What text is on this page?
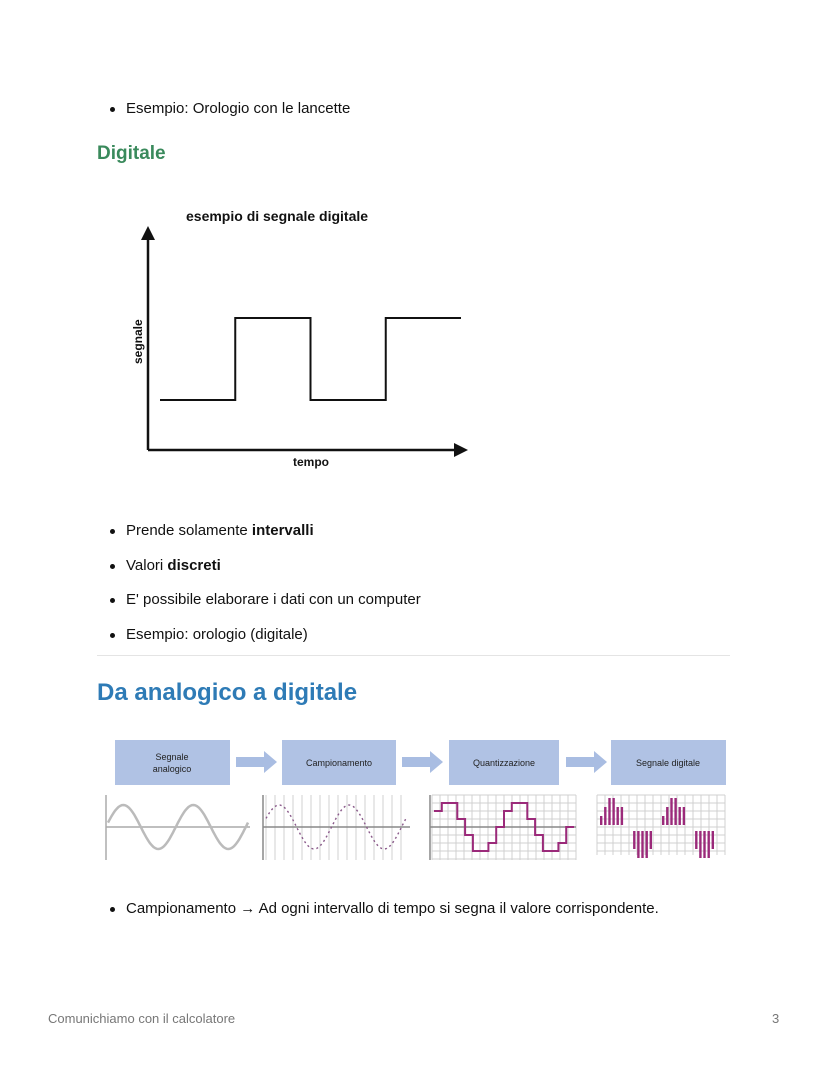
Esempio: Orologio con le lancette
Digitale
esempio di segnale digitale
segnale
tempo
Prende solamente intervalli
Valori discreti
E' possibile elaborare i dati con un computer
Esempio: orologio (digitale)
Da analogico a digitale
Segnale
analogico
Campionamento	Quantizzazione	Segnale digitale
Campionamento → Ad ogni intervallo di tempo si segna il valore corrispondente.
Comunichiamo con il calcolatore	3
